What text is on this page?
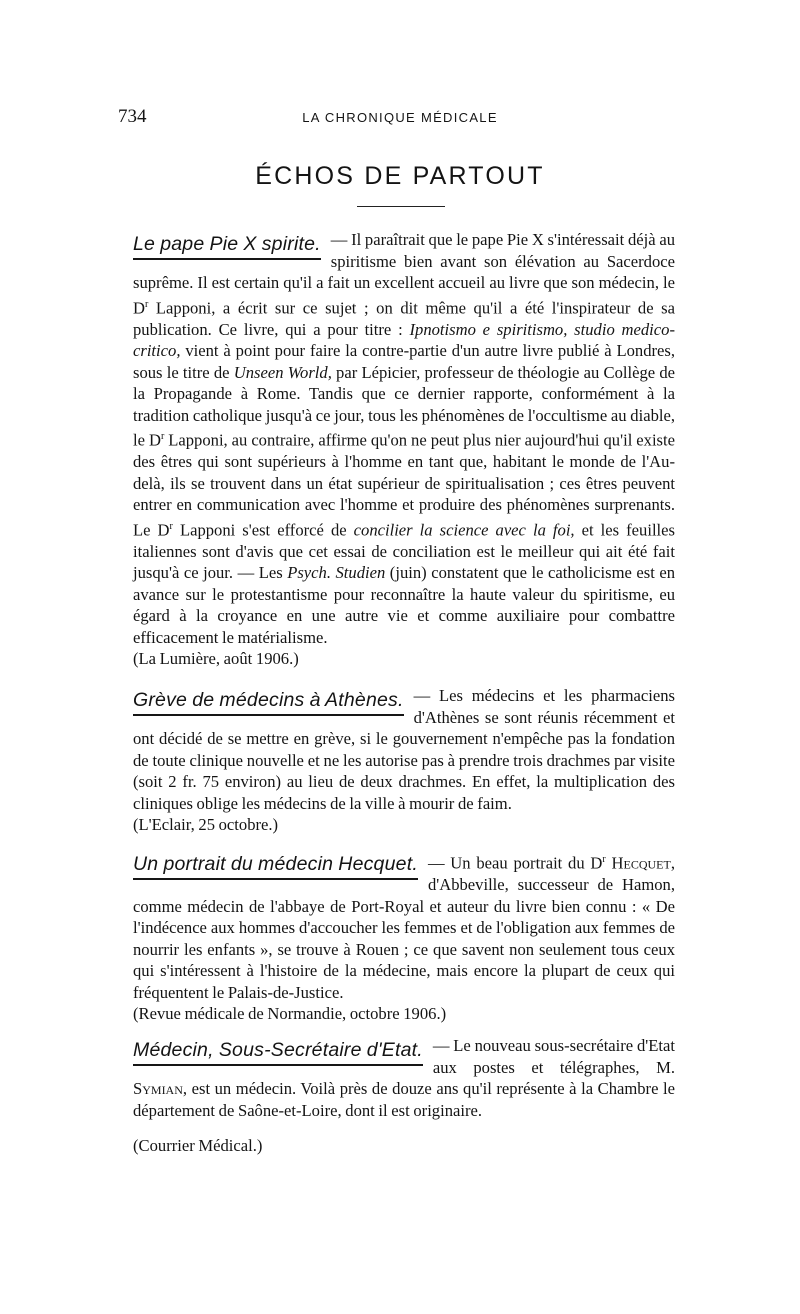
734	LA CHRONIQUE MÉDICALE
ÉCHOS DE PARTOUT

Le pape Pie X spirite. — Il paraîtrait que le pape Pie X s'intéressait déjà au spiritisme bien avant son élévation au Sacerdoce suprême. Il est certain qu'il a fait un excellent accueil au livre que son médecin, le $D^r$ Lapponi, a écrit sur ce sujet ; on dit même qu'il a été l'inspirateur de sa publication. Ce livre, qui a pour titre : Ipnotismo e spiritismo, studio medico-critico, vient à point pour faire la contre-partie d'un autre livre publié à Londres, sous le titre de Unseen World, par Lépicier, professeur de théologie au Collège de la Propagande à Rome. Tandis que ce dernier rapporte, conformément à la tradition catholique jusqu'à ce jour, tous les phénomènes de l'occultisme au diable, le $D^r$ Lapponi, au contraire, affirme qu'on ne peut plus nier aujourd'hui qu'il existe des êtres qui sont supérieurs à l'homme en tant que, habitant le monde de l'Au-delà, ils se trouvent dans un état supérieur de spiritualisation ; ces êtres peuvent entrer en communication avec l'homme et produire des phénomènes surprenants. Le $D^r$ Lapponi s'est efforcé de concilier la science avec la foi, et les feuilles italiennes sont d'avis que cet essai de conciliation est le meilleur qui ait été fait jusqu'à ce jour. — Les Psych. Studien (juin) constatent que le catholicisme est en avance sur le protestantisme pour reconnaître la haute valeur du spiritisme, eu égard à la croyance en une autre vie et comme auxiliaire pour combattre efficacement le matérialisme.

(La Lumière, août 1906.)

Grève de médecins à Athènes. — Les médecins et les pharmaciens d'Athènes se sont réunis récemment et ont décidé de se mettre en grève, si le gouvernement n'empêche pas la fondation de toute clinique nouvelle et ne les autorise pas à prendre trois drachmes par visite (soit 2 fr. 75 environ) au lieu de deux drachmes. En effet, la multiplication des cliniques oblige les médecins de la ville à mourir de faim.

(L'Eclair, 25 octobre.)

Un portrait du médecin Hecquet. — Un beau portrait du $D^r$ Hecquet, d'Abbeville, successeur de Hamon, comme médecin de l'abbaye de Port-Royal et auteur du livre bien connu : « De l'indécence aux hommes d'accoucher les femmes et de l'obligation aux femmes de nourrir les enfants », se trouve à Rouen ; ce que savent non seulement tous ceux qui s'intéressent à l'histoire de la médecine, mais encore la plupart de ceux qui fréquentent le Palais-de-Justice.

(Revue médicale de Normandie, octobre 1906.)

Médecin, Sous-Secrétaire d'Etat. — Le nouveau sous-secrétaire d'Etat aux postes et télégraphes, M. Symian, est un médecin. Voilà près de douze ans qu'il représente à la Chambre le département de Saône-et-Loire, dont il est originaire.

(Courrier Médical.)
